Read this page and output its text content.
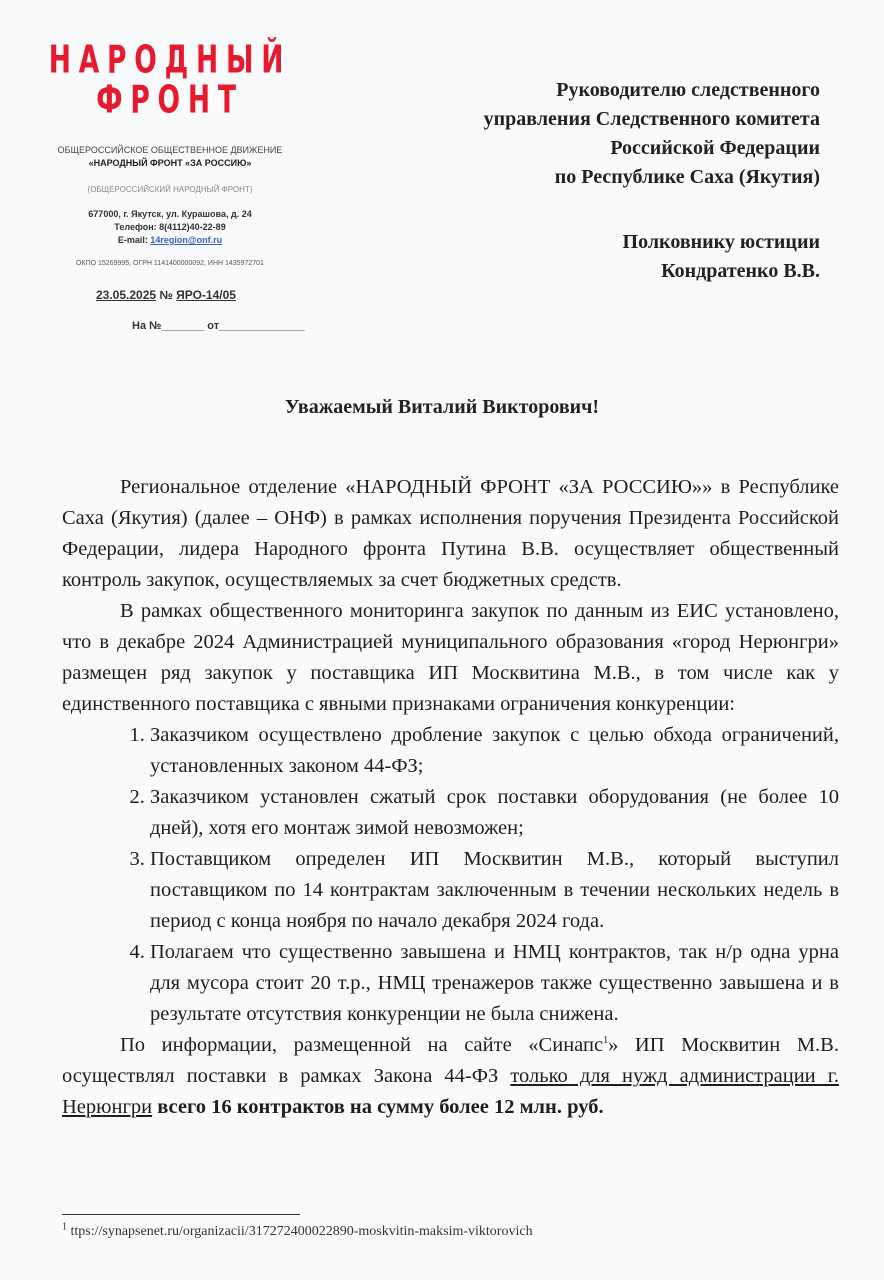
НАРОДНЫЙ
ФРОНТ
ОБЩЕРОССИЙСКОЕ ОБЩЕСТВЕННОЕ ДВИЖЕНИЕ
«НАРОДНЫЙ ФРОНТ «ЗА РОССИЮ»
(ОБЩЕРОССИЙСКИЙ НАРОДНЫЙ ФРОНТ)
677000, г. Якутск, ул. Курашова, д. 24
Телефон: 8(4112)40-22-89
E-mail: 14region@onf.ru
ОКПО 15269995, ОГРН 1141400000092, ИНН 1435972701
23.05.2025 № ЯРО-14/05
На №_______ от______________
Руководителю следственного
управления Следственного комитета
Российской Федерации
по Республике Саха (Якутия)
Полковнику юстиции
Кондратенко В.В.
Уважаемый Виталий Викторович!

Региональное отделение «НАРОДНЫЙ ФРОНТ «ЗА РОССИЮ»» в Республике Саха (Якутия) (далее – ОНФ) в рамках исполнения поручения Президента Российской Федерации, лидера Народного фронта Путина В.В. осуществляет общественный контроль закупок, осуществляемых за счет бюджетных средств.

В рамках общественного мониторинга закупок по данным из ЕИС установлено, что в декабре 2024 Администрацией муниципального образования «город Нерюнгри» размещен ряд закупок у поставщика ИП Москвитина М.В., в том числе как у единственного поставщика с явными признаками ограничения конкуренции:

1. Заказчиком осуществлено дробление закупок с целью обхода ограничений, установленных законом 44-ФЗ;
2. Заказчиком установлен сжатый срок поставки оборудования (не более 10 дней), хотя его монтаж зимой невозможен;
3. Поставщиком определен ИП Москвитин М.В., который выступил поставщиком по 14 контрактам заключенным в течении нескольких недель в период с конца ноября по начало декабря 2024 года.
4. Полагаем что существенно завышена и НМЦ контрактов, так н/р одна урна для мусора стоит 20 т.р., НМЦ тренажеров также существенно завышена и в результате отсутствия конкуренции не была снижена.

По информации, размещенной на сайте «Синапс$^1$» ИП Москвитин М.В. осуществлял поставки в рамках Закона 44-ФЗ только для нужд администрации г. Нерюнгри всего 16 контрактов на сумму более 12 млн. руб.

$^1$ ttps://synapsenet.ru/organizacii/317272400022890-moskvitin-maksim-viktorovich
